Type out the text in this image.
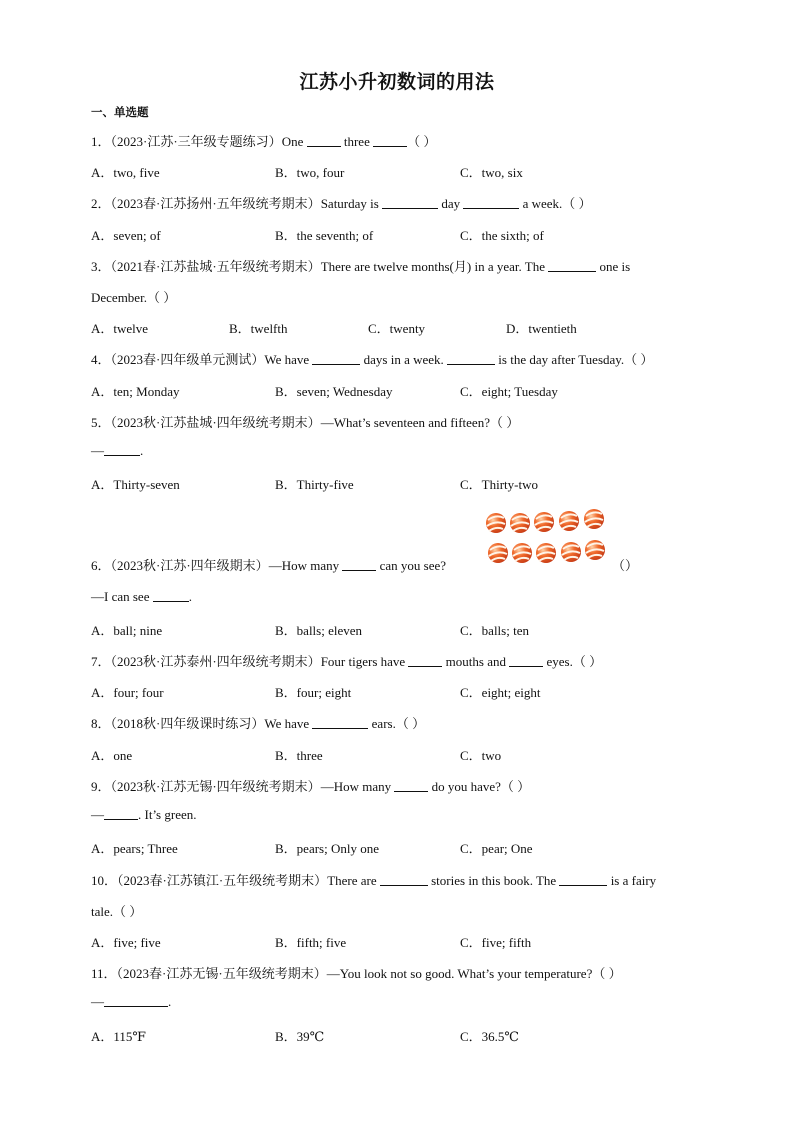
江苏小升初数词的用法
一、单选题
1．（2023·江苏·三年级专题练习）One	three	（ ）
A．two, five	B．two, four	C．two, six
2．（2023春·江苏扬州·五年级统考期末）Saturday is	day	a week.（ ）
A．seven; of	B．the seventh; of	C．the sixth; of
3．（2021春·江苏盐城·五年级统考期末）There are twelve months(月) in a year. The	one is
December.（ ）
A．twelve	B．twelfth	C．twenty	D．twentieth
4．（2023春·四年级单元测试）We have	days in a week.	is the day after Tuesday.（ ）
A．ten; Monday	B．seven; Wednesday	C．eight; Tuesday
5．（2023秋·江苏盐城·四年级统考期末）—What’s seventeen and fifteen?（ ）
—	.
A．Thirty-seven	B．Thirty-five	C．Thirty-two
6．（2023秋·江苏·四年级期末）—How many	can you see?	（）
—I can see	.
A．ball; nine	B．balls; eleven	C．balls; ten
7．（2023秋·江苏泰州·四年级统考期末）Four tigers have	mouths and	eyes.（ ）
A．four; four	B．four; eight	C．eight; eight
8．（2018秋·四年级课时练习）We have	ears.（ ）
A．one	B．three	C．two
9．（2023秋·江苏无锡·四年级统考期末）—How many	do you have?（ ）
—	. It’s green.
A．pears; Three	B．pears; Only one	C．pear; One
10．（2023春·江苏镇江·五年级统考期末）There are	stories in this book. The	is a fairy
tale.（ ）
A．five; five	B．fifth; five	C．five; fifth
11．（2023春·江苏无锡·五年级统考期末）—You look not so good. What’s your temperature?（ ）
—	.
A．115℉	B．39℃	C．36.5℃
